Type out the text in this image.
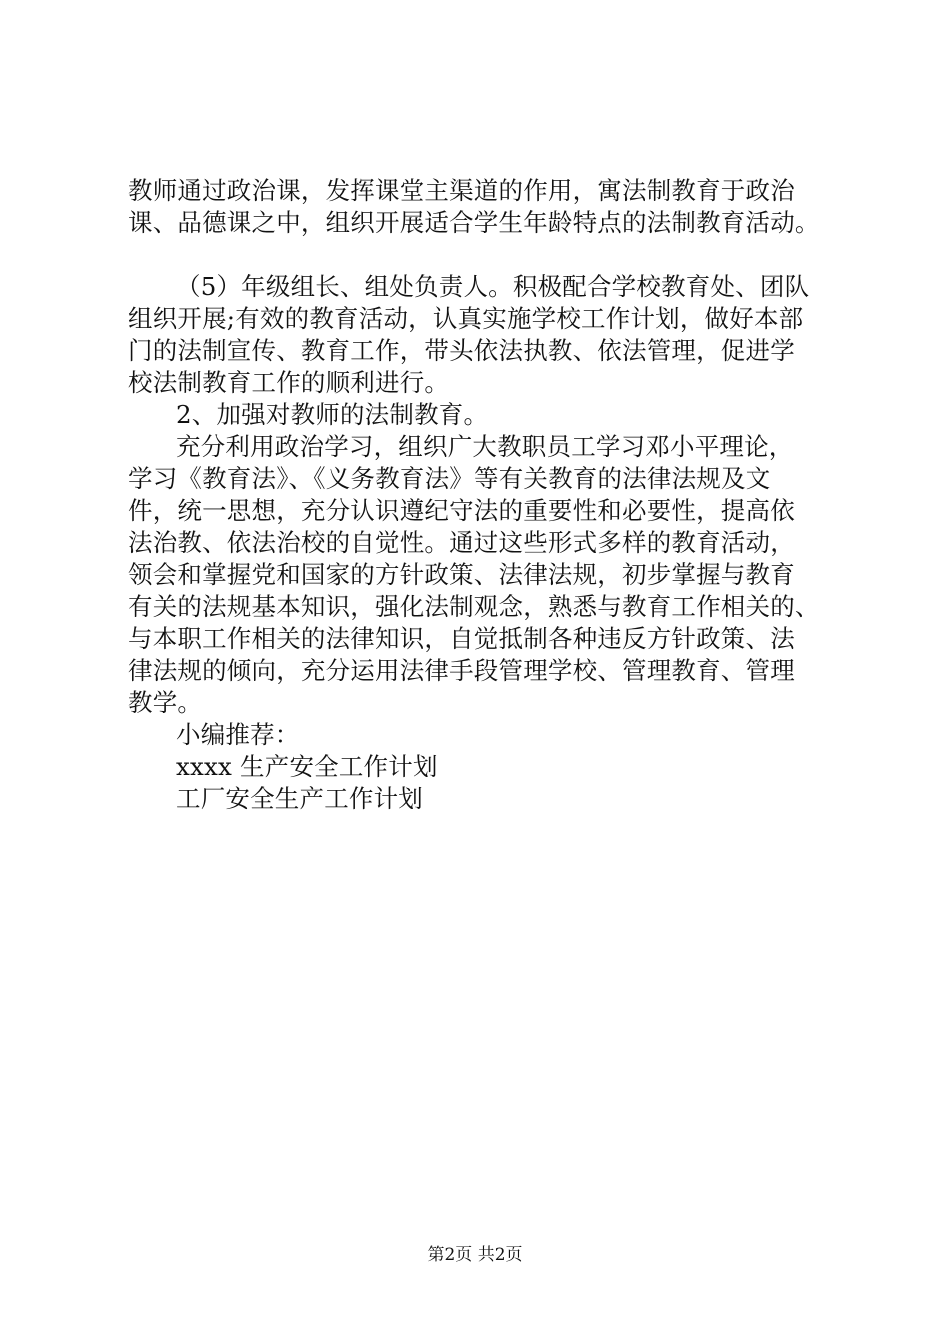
教师通过政治课，发挥课堂主渠道的作用，寓法制教育于政治
课、品德课之中，组织开展适合学生年龄特点的法制教育活动。
（5）年级组长、组处负责人。积极配合学校教育处、团队
组织开展;有效的教育活动，认真实施学校工作计划，做好本部
门的法制宣传、教育工作，带头依法执教、依法管理，促进学
校法制教育工作的顺利进行。
2、加强对教师的法制教育。
充分利用政治学习，组织广大教职员工学习邓小平理论，
学习《教育法》、《义务教育法》等有关教育的法律法规及文
件，统一思想，充分认识遵纪守法的重要性和必要性，提高依
法治教、依法治校的自觉性。通过这些形式多样的教育活动，
领会和掌握党和国家的方针政策、法律法规，初步掌握与教育
有关的法规基本知识，强化法制观念，熟悉与教育工作相关的、
与本职工作相关的法律知识，自觉抵制各种违反方针政策、法
律法规的倾向，充分运用法律手段管理学校、管理教育、管理
教学。
小编推荐：
xxxx 生产安全工作计划
工厂安全生产工作计划
第2页 共2页
